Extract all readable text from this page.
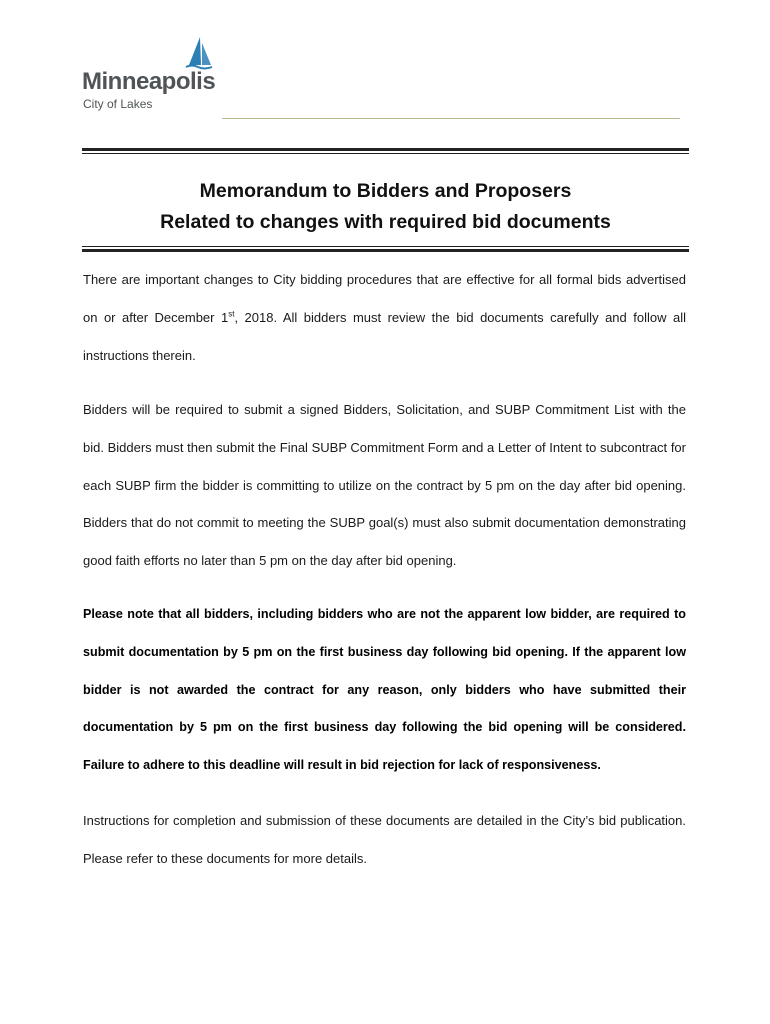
Minneapolis
City of Lakes
Memorandum to Bidders and Proposers
Related to changes with required bid documents

There are important changes to City bidding procedures that are effective for all formal bids advertised on or after December 1st, 2018. All bidders must review the bid documents carefully and follow all instructions therein.

Bidders will be required to submit a signed Bidders, Solicitation, and SUBP Commitment List with the bid. Bidders must then submit the Final SUBP Commitment Form and a Letter of Intent to subcontract for each SUBP firm the bidder is committing to utilize on the contract by 5 pm on the day after bid opening. Bidders that do not commit to meeting the SUBP goal(s) must also submit documentation demonstrating good faith efforts no later than 5 pm on the day after bid opening.

Please note that all bidders, including bidders who are not the apparent low bidder, are required to submit documentation by 5 pm on the first business day following bid opening. If the apparent low bidder is not awarded the contract for any reason, only bidders who have submitted their documentation by 5 pm on the first business day following the bid opening will be considered. Failure to adhere to this deadline will result in bid rejection for lack of responsiveness.

Instructions for completion and submission of these documents are detailed in the City’s bid publication. Please refer to these documents for more details.
